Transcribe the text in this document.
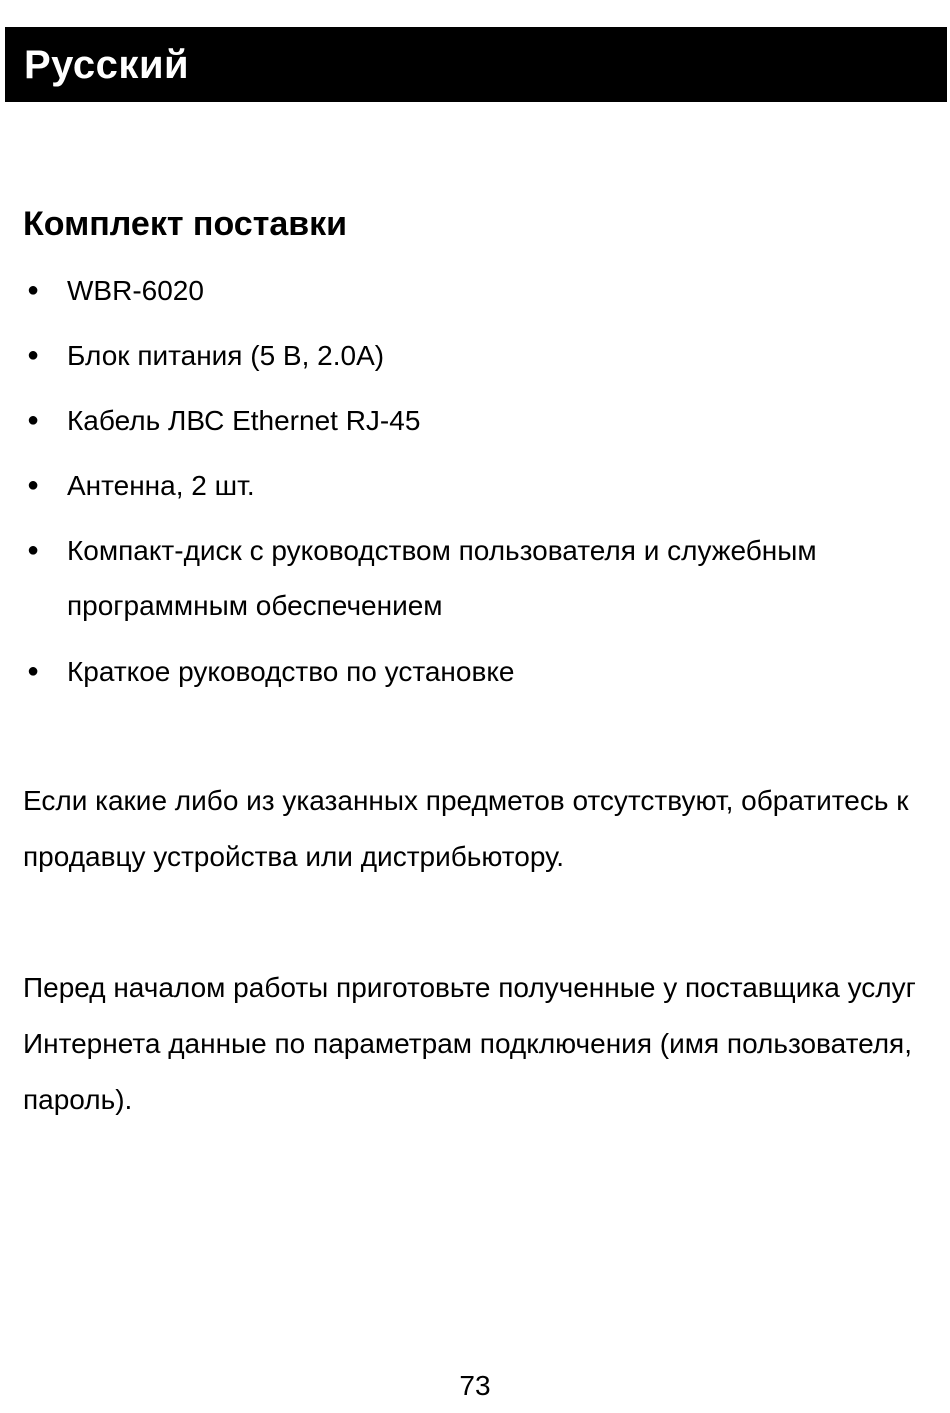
Русский
Комплект поставки
● WBR-6020
● Блок питания (5 В, 2.0A)
● Кабель ЛВС Ethernet RJ-45
● Антенна, 2 шт.
● Компакт-диск с руководством пользователя и служебным программным обеспечением
● Краткое руководство по установке

Если какие либо из указанных предметов отсутствуют, обратитесь к продавцу устройства или дистрибьютору.

Перед началом работы приготовьте полученные у поставщика услуг Интернета данные по параметрам подключения (имя пользователя, пароль).

73
